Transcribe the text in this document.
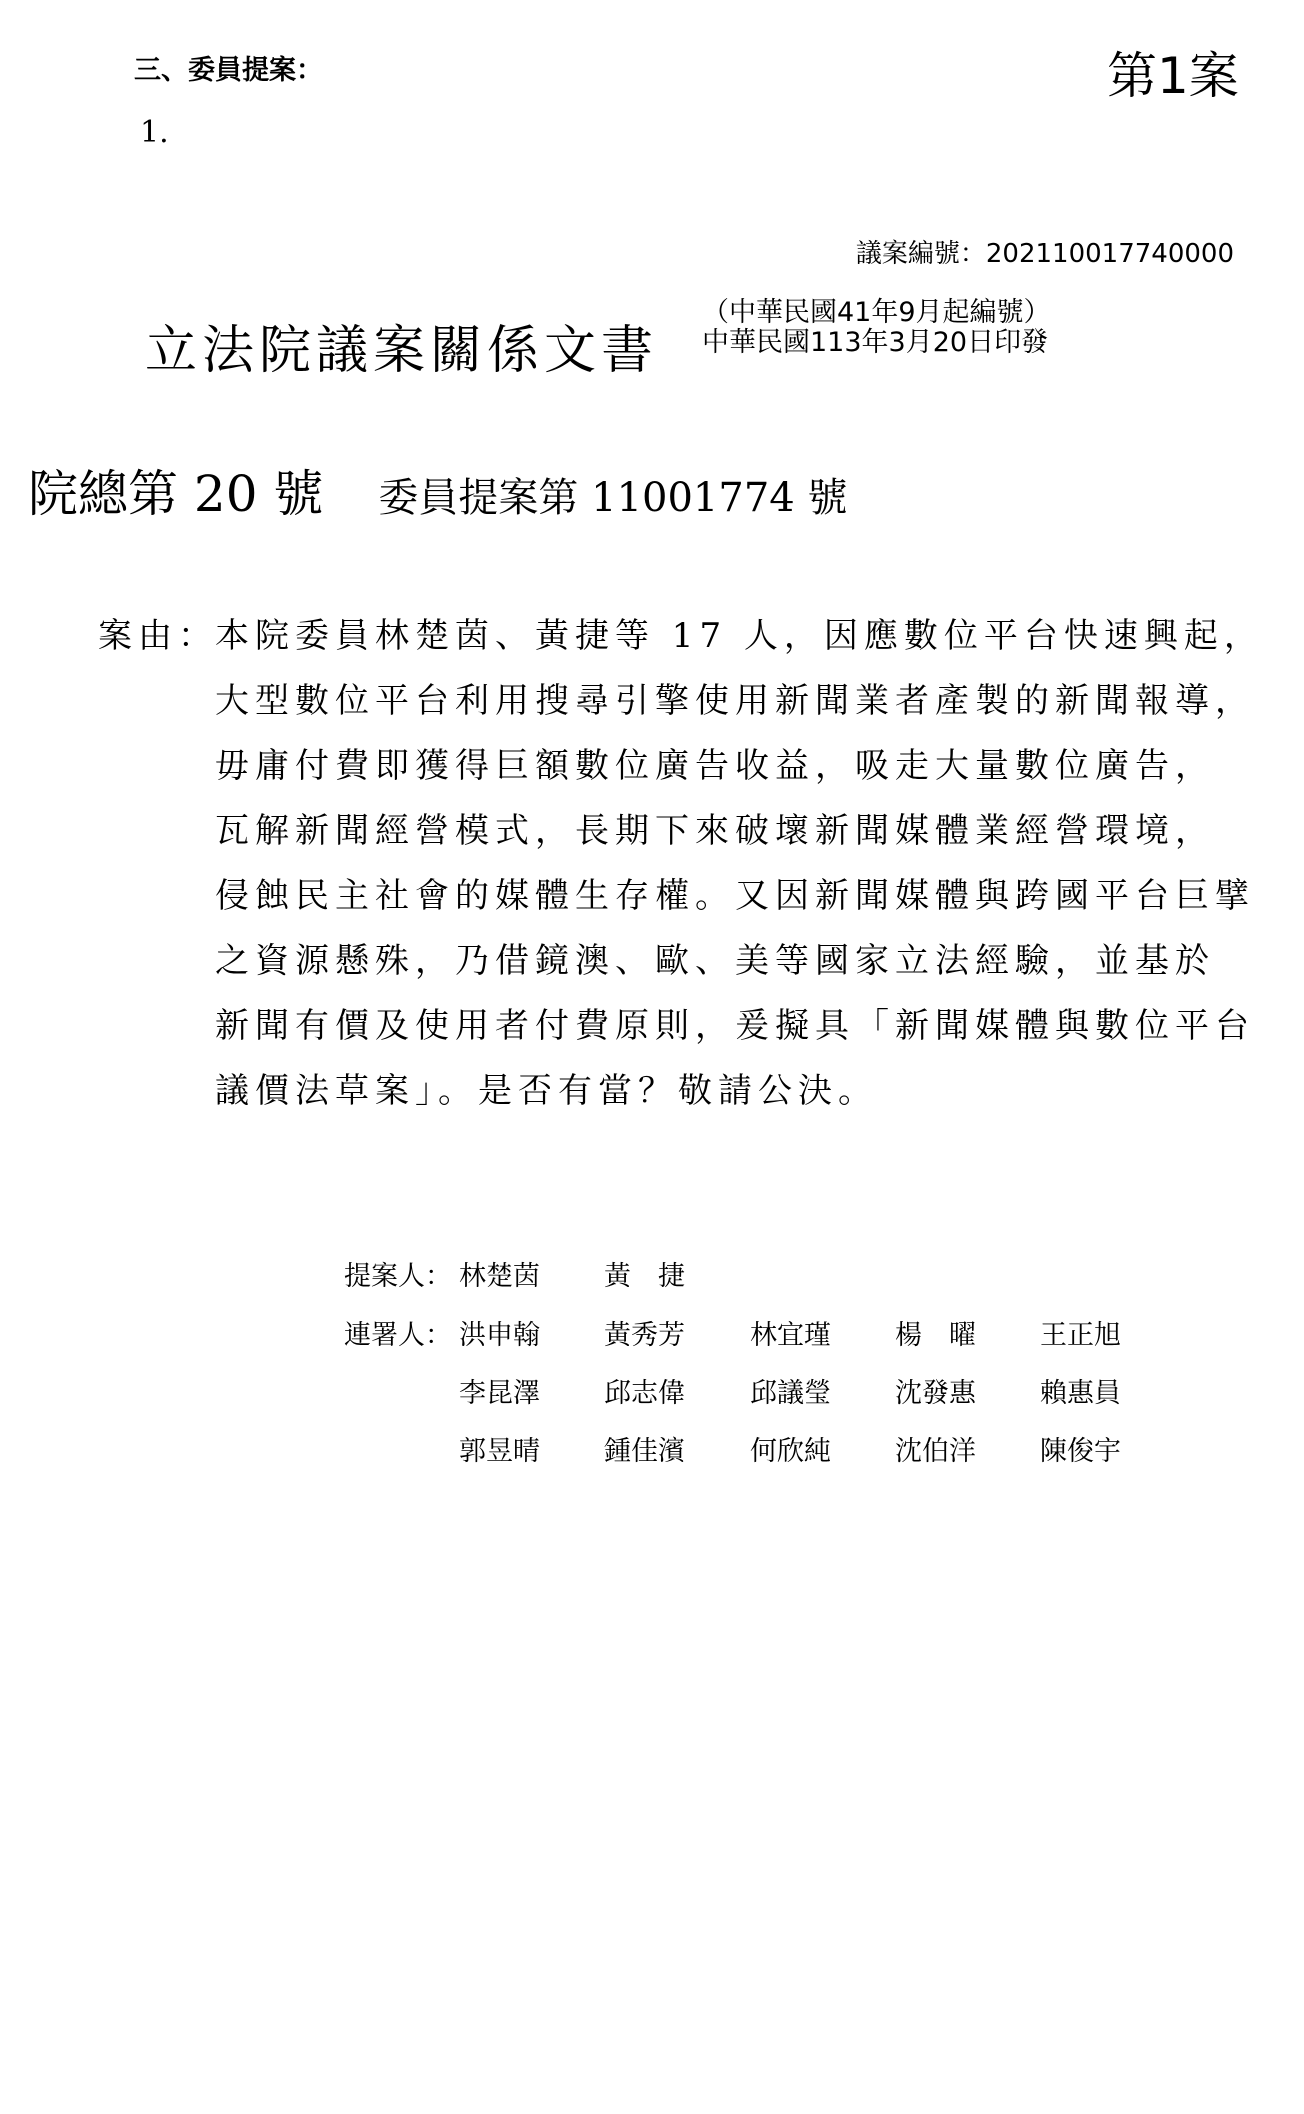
三、委員提案：
1.
第1案
議案編號：202110017740000
立法院議案關係文書
（中華民國41年9月起編號）
中華民國113年3月20日印發
院總第 20 號 委員提案第 11001774 號
案由：
本院委員林楚茵、黃捷等 17 人，因應數位平台快速興起，
大型數位平台利用搜尋引擎使用新聞業者產製的新聞報導，
毋庸付費即獲得巨額數位廣告收益，吸走大量數位廣告，
瓦解新聞經營模式，長期下來破壞新聞媒體業經營環境，
侵蝕民主社會的媒體生存權。又因新聞媒體與跨國平台巨擘
之資源懸殊，乃借鏡澳、歐、美等國家立法經驗，並基於
新聞有價及使用者付費原則，爰擬具「新聞媒體與數位平台
議價法草案」。是否有當？敬請公決。
提案人： 林楚茵 黃　捷
連署人： 洪申翰 黃秀芳 林宜瑾 楊　曜 王正旭
李昆澤 邱志偉 邱議瑩 沈發惠 賴惠員
郭昱晴 鍾佳濱 何欣純 沈伯洋 陳俊宇
